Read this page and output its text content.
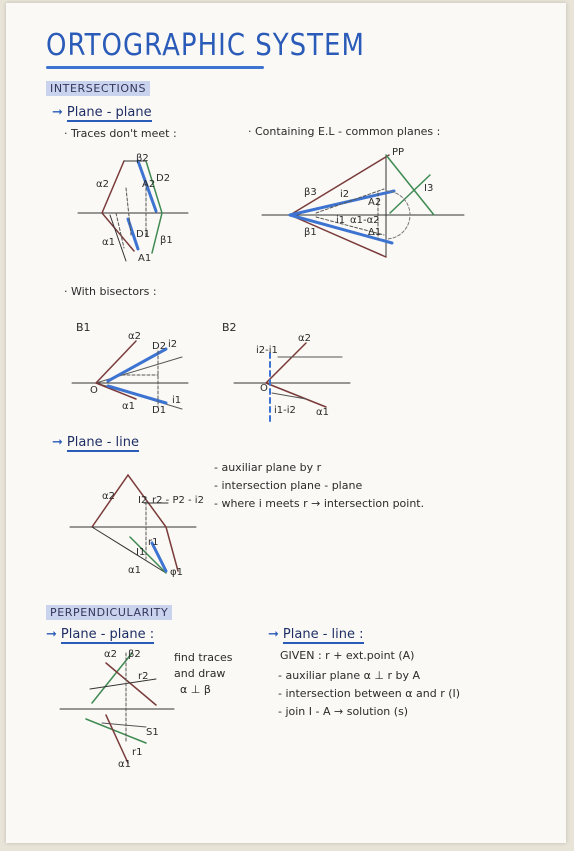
ORTOGRAPHIC SYSTEM
INTERSECTIONS
➞ Plane - plane
· Traces don't meet :	· Containing E.L - common planes :
β2
α2	A2
D2
α1
D1
A1
β1
PP
β3 i2
A2
I3
i1 α1-α2
Δ1
β1
· With bisectors :
B1	B2
α2
D2 i2
O
α1 D1
i1
i2-i1
α2
O
i1-i2 α1
➞ Plane - line
α2 I2 r2 - P2 - i2
I1
r1
α1	φ1
- auxiliar plane by r
- intersection plane - plane
- where i meets r → intersection point.
PERPENDICULARITY
➞ Plane - plane :
α2 β2
r2
S1
r1
α1
find traces
and draw
α ⊥ β
➞ Plane - line :
GIVEN : r + ext.point (A)
- auxiliar plane α ⊥ r by A
- intersection between α and r (I)
- join I - A → solution (s)
